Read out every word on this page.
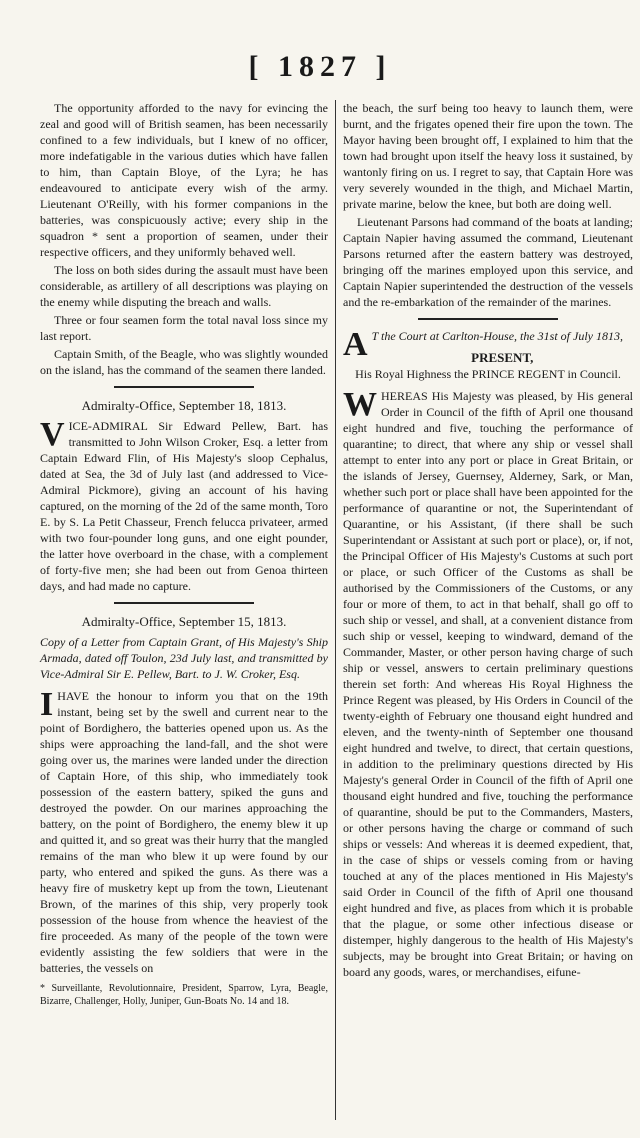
[ 1827 ]

The opportunity afforded to the navy for evincing the zeal and good will of British seamen, has been necessarily confined to a few individuals, but I knew of no officer, more indefatigable in the various duties which have fallen to him, than Captain Bloye, of the Lyra; he has endeavoured to anticipate every wish of the army. Lieutenant O'Reilly, with his former companions in the batteries, was conspicuously active; every ship in the squadron * sent a proportion of seamen, under their respective officers, and they uniformly behaved well.

The loss on both sides during the assault must have been considerable, as artillery of all descriptions was playing on the enemy while disputing the breach and walls.

Three or four seamen form the total naval loss since my last report.

Captain Smith, of the Beagle, who was slightly wounded on the island, has the command of the seamen there landed.

Admiralty-Office, September 18, 1813.

VICE-ADMIRAL Sir Edward Pellew, Bart. has transmitted to John Wilson Croker, Esq. a letter from Captain Edward Flin, of His Majesty's sloop Cephalus, dated at Sea, the 3d of July last (and addressed to Vice-Admiral Pickmore), giving an account of his having captured, on the morning of the 2d of the same month, Toro E. by S. La Petit Chasseur, French felucca privateer, armed with two four-pounder long guns, and one eight pounder, the latter hove overboard in the chase, with a complement of forty-five men; she had been out from Genoa thirteen days, and had made no capture.

Admiralty-Office, September 15, 1813.

Copy of a Letter from Captain Grant, of His Majesty's Ship Armada, dated off Toulon, 23d July last, and transmitted by Vice-Admiral Sir E. Pellew, Bart. to J. W. Croker, Esq.

IHAVE the honour to inform you that on the 19th instant, being set by the swell and current near to the point of Bordighero, the batteries opened upon us. As the ships were approaching the land-fall, and the shot were going over us, the marines were landed under the direction of Captain Hore, of this ship, who immediately took possession of the eastern battery, spiked the guns and destroyed the powder. On our marines approaching the battery, on the point of Bordighero, the enemy blew it up and quitted it, and so great was their hurry that the mangled remains of the man who blew it up were found by our party, who entered and spiked the guns. As there was a heavy fire of musketry kept up from the town, Lieutenant Brown, of the marines of this ship, very properly took possession of the house from whence the heaviest of the fire proceeded. As many of the people of the town were evidently assisting the few soldiers that were in the batteries, the vessels on

* Surveillante, Revolutionnaire, President, Sparrow, Lyra, Beagle, Bizarre, Challenger, Holly, Juniper, Gun-Boats No. 14 and 18.

the beach, the surf being too heavy to launch them, were burnt, and the frigates opened their fire upon the town. The Mayor having been brought off, I explained to him that the town had brought upon itself the heavy loss it sustained, by wantonly firing on us. I regret to say, that Captain Hore was very severely wounded in the thigh, and Michael Martin, private marine, below the knee, but both are doing well.

Lieutenant Parsons had command of the boats at landing; Captain Napier having assumed the command, Lieutenant Parsons returned after the eastern battery was destroyed, bringing off the marines employed upon this service, and Captain Napier superintended the destruction of the vessels and the re-embarkation of the remainder of the marines.

A T the Court at Carlton-House, the 31st of July 1813,

PRESENT,

His Royal Highness the PRINCE REGENT in Council.

WHEREAS His Majesty was pleased, by His general Order in Council of the fifth of April one thousand eight hundred and five, touching the performance of quarantine; to direct, that where any ship or vessel shall attempt to enter into any port or place in Great Britain, or the islands of Jersey, Guernsey, Alderney, Sark, or Man, whether such port or place shall have been appointed for the performance of quarantine or not, the Superintendant of Quarantine, or his Assistant, (if there shall be such Superintendant or Assistant at such port or place), or, if not, the Principal Officer of His Majesty's Customs at such port or place, or such Officer of the Customs as shall be authorised by the Commissioners of the Customs, or any four or more of them, to act in that behalf, shall go off to such ship or vessel, and shall, at a convenient distance from such ship or vessel, keeping to windward, demand of the Commander, Master, or other person having charge of such ship or vessel, answers to certain preliminary questions therein set forth: And whereas His Royal Highness the Prince Regent was pleased, by His Orders in Council of the twenty-eighth of February one thousand eight hundred and eleven, and the twenty-ninth of September one thousand eight hundred and twelve, to direct, that certain questions, in addition to the preliminary questions directed by His Majesty's general Order in Council of the fifth of April one thousand eight hundred and five, touching the performance of quarantine, should be put to the Commanders, Masters, or other persons having the charge or command of such ships or vessels: And whereas it is deemed expedient, that, in the case of ships or vessels coming from or having touched at any of the places mentioned in His Majesty's said Order in Council of the fifth of April one thousand eight hundred and five, as places from which it is probable that the plague, or some other infectious disease or distemper, highly dangerous to the health of His Majesty's subjects, may be brought into Great Britain; or having on board any goods, wares, or merchandises, eifune-
